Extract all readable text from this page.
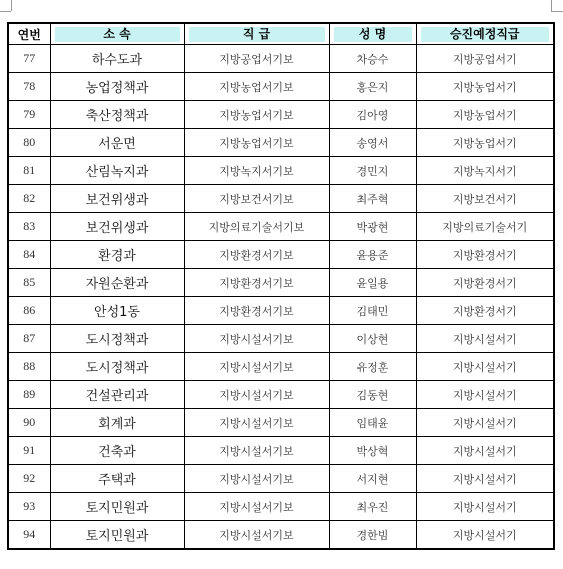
연번	소 속	직 급	성 명	승진예정직급

77	하수도과	지방공업서기보	차승수	지방공업서기
78	농업정책과	지방농업서기보	홍은지	지방농업서기
79	축산정책과	지방농업서기보	김아영	지방농업서기
80	서운면	지방농업서기보	송영서	지방농업서기
81	산림녹지과	지방녹지서기보	경민지	지방녹지서기
82	보건위생과	지방보건서기보	최주혁	지방보건서기
83	보건위생과	지방의료기술서기보	박광현	지방의료기술서기
84	환경과	지방환경서기보	윤용준	지방환경서기
85	자원순환과	지방환경서기보	윤일용	지방환경서기
86	안성1동	지방환경서기보	김태민	지방환경서기
87	도시정책과	지방시설서기보	이상현	지방시설서기
88	도시정책과	지방시설서기보	유정훈	지방시설서기
89	건설관리과	지방시설서기보	김동현	지방시설서기
90	회계과	지방시설서기보	임태윤	지방시설서기
91	건축과	지방시설서기보	박상혁	지방시설서기
92	주택과	지방시설서기보	서지현	지방시설서기
93	토지민원과	지방시설서기보	최우진	지방시설서기
94	토지민원과	지방시설서기보	경한빔	지방시설서기
